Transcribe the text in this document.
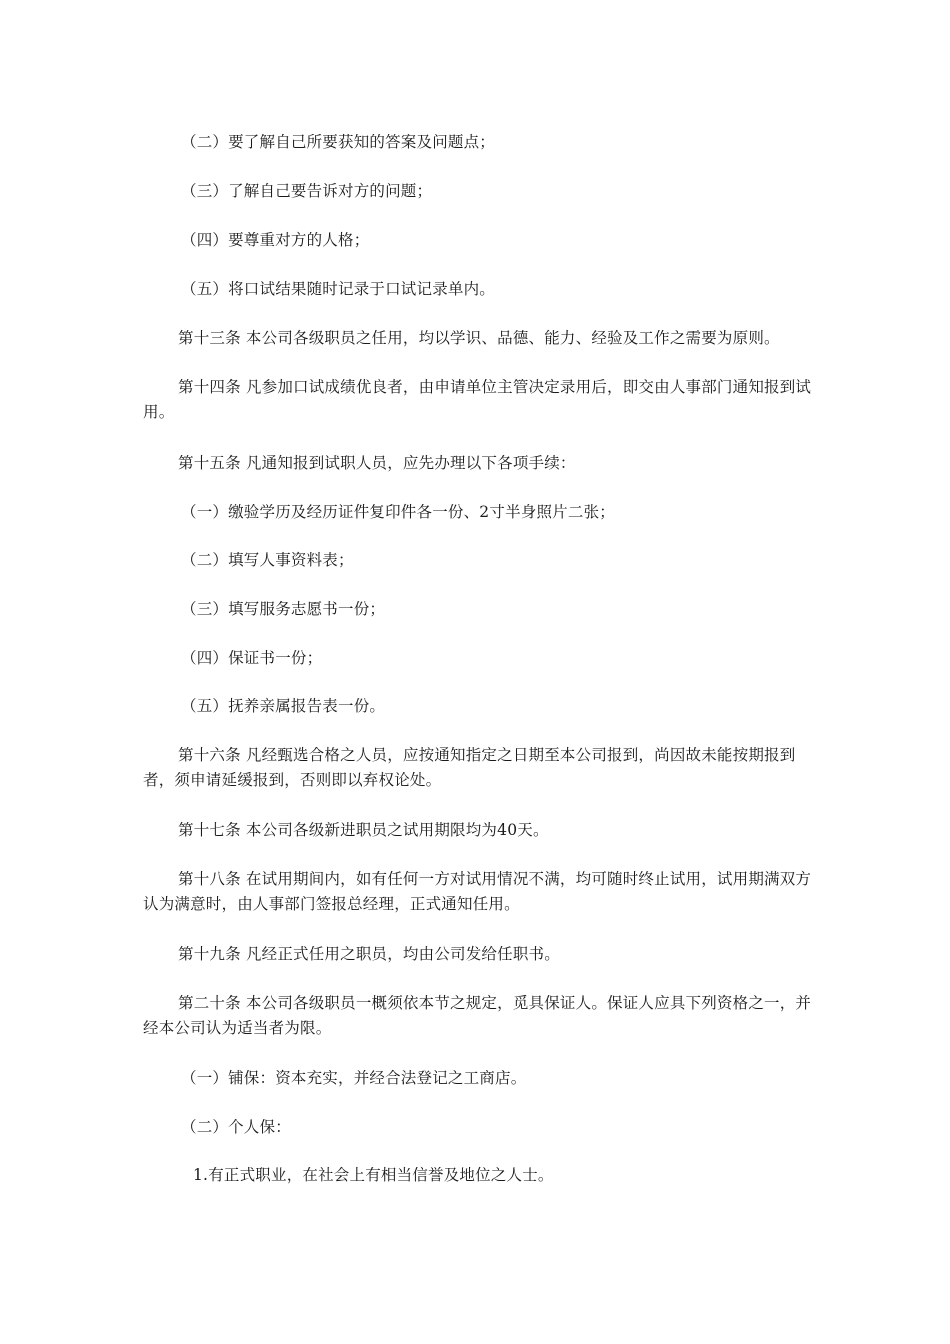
（二）要了解自己所要获知的答案及问题点；

（三）了解自己要告诉对方的问题；

（四）要尊重对方的人格；

（五）将口试结果随时记录于口试记录单内。

第十三条 本公司各级职员之任用，均以学识、品德、能力、经验及工作之需要为原则。

第十四条 凡参加口试成绩优良者，由申请单位主管决定录用后，即交由人事部门通知报到试用。

第十五条 凡通知报到试职人员，应先办理以下各项手续：

（一）缴验学历及经历证件复印件各一份、2寸半身照片二张；

（二）填写人事资料表；

（三）填写服务志愿书一份；

（四）保证书一份；

（五）抚养亲属报告表一份。

第十六条 凡经甄选合格之人员，应按通知指定之日期至本公司报到，尚因故未能按期报到者，须申请延缓报到，否则即以弃权论处。

第十七条 本公司各级新进职员之试用期限均为40天。

第十八条 在试用期间内，如有任何一方对试用情况不满，均可随时终止试用，试用期满双方认为满意时，由人事部门签报总经理，正式通知任用。

第十九条 凡经正式任用之职员，均由公司发给任职书。

第二十条 本公司各级职员一概须依本节之规定，觅具保证人。保证人应具下列资格之一，并经本公司认为适当者为限。

（一）铺保：资本充实，并经合法登记之工商店。

（二）个人保：

1.有正式职业，在社会上有相当信誉及地位之人士。
